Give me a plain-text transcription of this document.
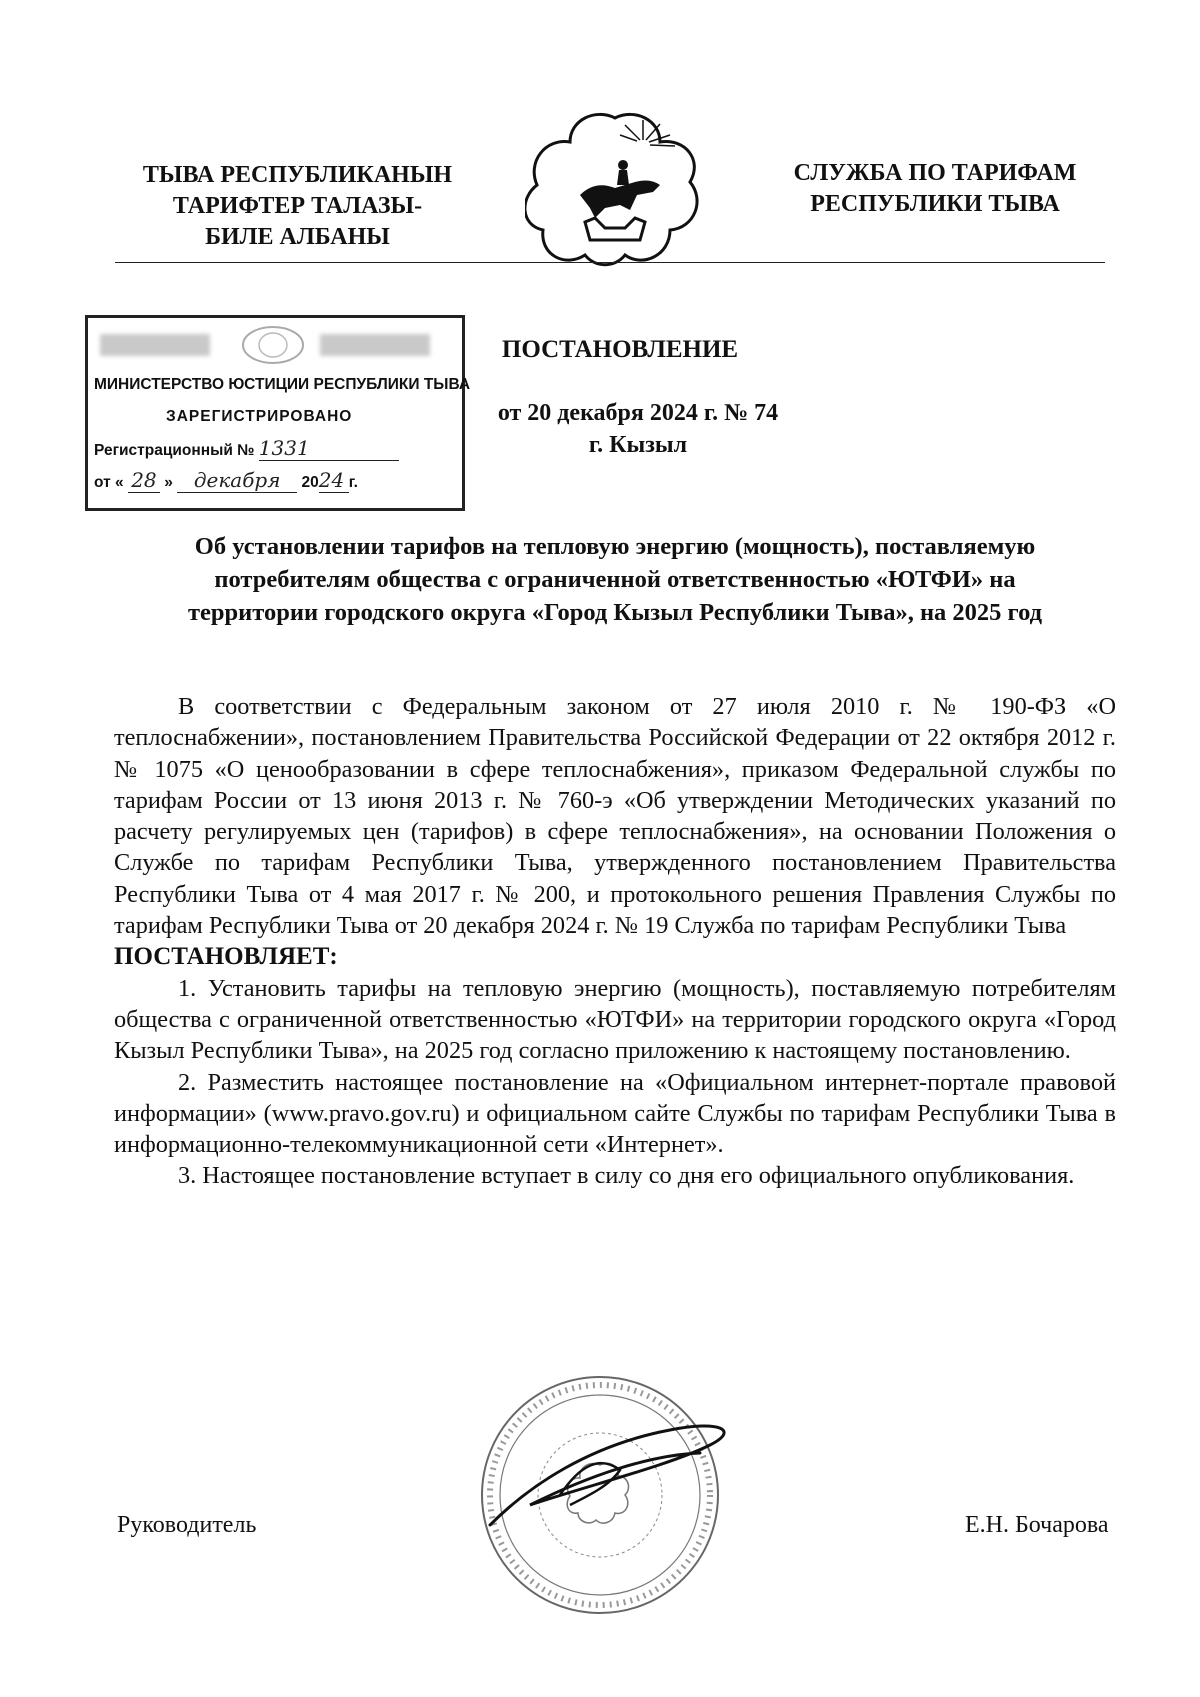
ТЫВА РЕСПУБЛИКАНЫН
ТАРИФТЕР ТАЛАЗЫ-
БИЛЕ АЛБАНЫ
СЛУЖБА ПО ТАРИФАМ
РЕСПУБЛИКИ ТЫВА
МИНИСТЕРСТВО ЮСТИЦИИ РЕСПУБЛИКИ ТЫВА
ЗАРЕГИСТРИРОВАНО
Регистрационный № 1331
от « 28 » декабря 2024 г.
ПОСТАНОВЛЕНИЕ
от 20 декабря 2024 г. № 74
г. Кызыл
Об установлении тарифов на тепловую энергию (мощность), поставляемую
потребителям общества с ограниченной ответственностью «ЮТФИ» на
территории городского округа «Город Кызыл Республики Тыва», на 2025 год

В соответствии с Федеральным законом от 27 июля 2010 г. № 190-ФЗ «О теплоснабжении», постановлением Правительства Российской Федерации от 22 октября 2012 г. № 1075 «О ценообразовании в сфере теплоснабжения», приказом Федеральной службы по тарифам России от 13 июня 2013 г. № 760-э «Об утверждении Методических указаний по расчету регулируемых цен (тарифов) в сфере теплоснабжения», на основании Положения о Службе по тарифам Республики Тыва, утвержденного постановлением Правительства Республики Тыва от 4 мая 2017 г. № 200, и протокольного решения Правления Службы по тарифам Республики Тыва от 20 декабря 2024 г. № 19 Служба по тарифам Республики Тыва

ПОСТАНОВЛЯЕТ:

1. Установить тарифы на тепловую энергию (мощность), поставляемую потребителям общества с ограниченной ответственностью «ЮТФИ» на территории городского округа «Город Кызыл Республики Тыва», на 2025 год согласно приложению к настоящему постановлению.

2. Разместить настоящее постановление на «Официальном интернет-портале правовой информации» (www.pravo.gov.ru) и официальном сайте Службы по тарифам Республики Тыва в информационно-телекоммуникационной сети «Интернет».

3. Настоящее постановление вступает в силу со дня его официального опубликования.

Руководитель	Е.Н. Бочарова
